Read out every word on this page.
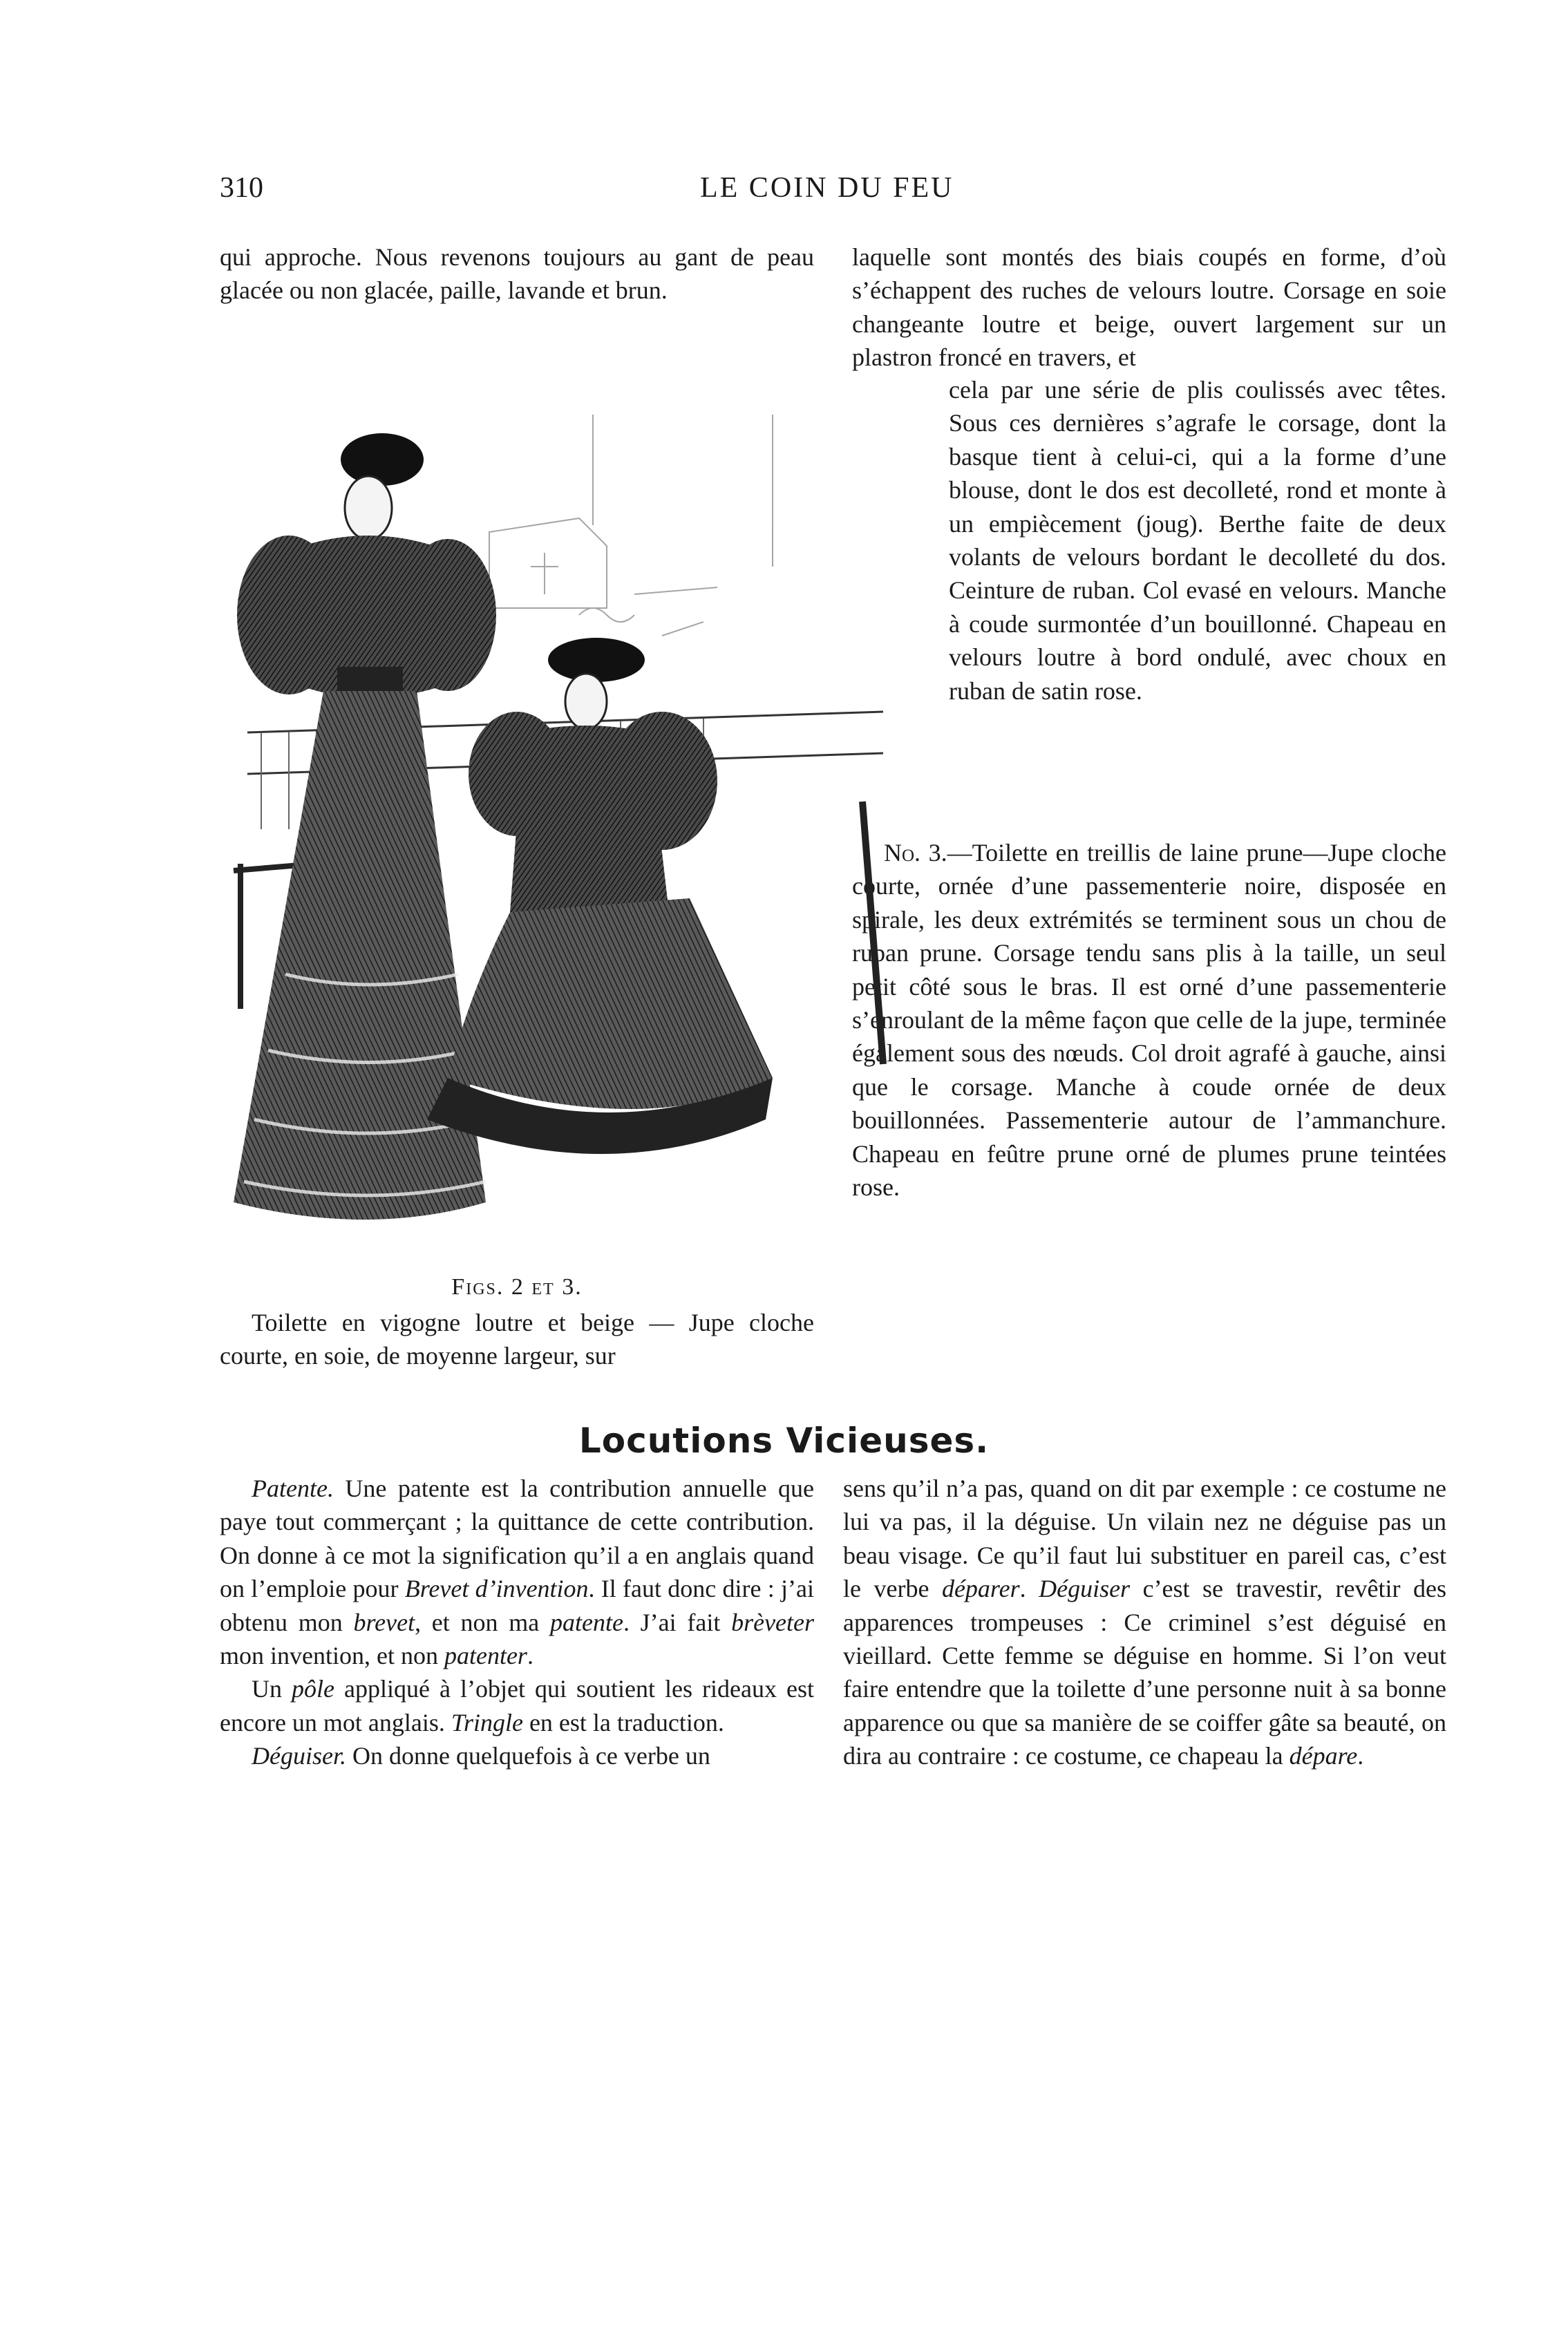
310	LE COIN DU FEU

qui approche. Nous revenons toujours au gant de peau glacée ou non glacée, paille, lavande et brun.

laquelle sont montés des biais coupés en forme, d’où s’échappent des ruches de velours loutre. Corsage en soie changeante loutre et beige, ouvert largement sur un plastron froncé en travers, et

cela par une série de plis coulissés avec têtes. Sous ces dernières s’agrafe le corsage, dont la basque tient à celui-ci, qui a la forme d’une blouse, dont le dos est decolleté, rond et monte à un empiècement (joug). Berthe faite de deux volants de velours bordant le decolleté du dos. Ceinture de ruban. Col evasé en velours. Manche à coude surmontée d’un bouillonné. Chapeau en velours loutre à bord ondulé, avec choux en ruban de satin rose.

No. 3.—Toilette en treillis de laine prune—Jupe cloche courte, ornée d’une passementerie noire, disposée en spirale, les deux extrémités se terminent sous un chou de ruban prune. Corsage tendu sans plis à la taille, un seul petit côté sous le bras. Il est orné d’une passementerie s’enroulant de la même façon que celle de la jupe, terminée également sous des nœuds. Col droit agrafé à gauche, ainsi que le corsage. Manche à coude ornée de deux bouillonnées. Passementerie autour de l’ammanchure. Chapeau en feûtre prune orné de plumes prune teintées rose.

Figs. 2 et 3.

Toilette en vigogne loutre et beige — Jupe cloche courte, en soie, de moyenne largeur, sur

Locutions Vicieuses.

Patente. Une patente est la contribution annuelle que paye tout commerçant ; la quittance de cette contribution. On donne à ce mot la signification qu’il a en anglais quand on l’emploie pour Brevet d’invention. Il faut donc dire : j’ai obtenu mon brevet, et non ma patente. J’ai fait brèveter mon invention, et non patenter.

Un pôle appliqué à l’objet qui soutient les rideaux est encore un mot anglais. Tringle en est la traduction.

Déguiser. On donne quelquefois à ce verbe un

sens qu’il n’a pas, quand on dit par exemple : ce costume ne lui va pas, il la déguise. Un vilain nez ne déguise pas un beau visage. Ce qu’il faut lui substituer en pareil cas, c’est le verbe déparer. Déguiser c’est se travestir, revêtir des apparences trompeuses : Ce criminel s’est déguisé en vieillard. Cette femme se déguise en homme. Si l’on veut faire entendre que la toilette d’une personne nuit à sa bonne apparence ou que sa manière de se coiffer gâte sa beauté, on dira au contraire : ce costume, ce chapeau la dépare.
